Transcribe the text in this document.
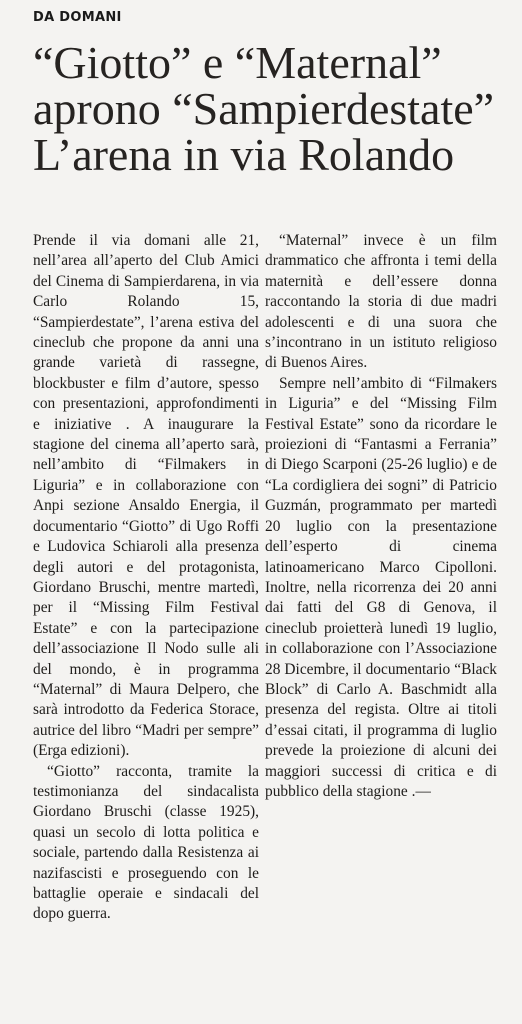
DA DOMANI
“Giotto” e “Maternal”
aprono “Sampierdestate”
L’arena in via Rolando

Prende il via domani alle 21, nell’area all’aperto del Club Amici del Cinema di Sampierdarena, in via Carlo Rolando 15, “Sampierdestate”, l’arena estiva del cineclub che propone da anni una grande varietà di rassegne, blockbuster e film d’autore, spesso con presentazioni, approfondimenti e iniziative . A inaugurare la stagione del cinema all’aperto sarà, nell’ambito di “Filmakers in Liguria” e in collaborazione con Anpi sezione Ansaldo Energia, il documentario “Giotto” di Ugo Roffi e Ludovica Schiaroli alla presenza degli autori e del protagonista, Giordano Bruschi, mentre martedì, per il “Missing Film Festival Estate” e con la partecipazione dell’associazione Il Nodo sulle ali del mondo, è in programma “Maternal” di Maura Delpero, che sarà introdotto da Federica Storace, autrice del libro “Madri per sempre” (Erga edizioni).

“Giotto” racconta, tramite la testimonianza del sindacalista Giordano Bruschi (classe 1925), quasi un secolo di lotta politica e sociale, partendo dalla Resistenza ai nazifascisti e proseguendo con le battaglie operaie e sindacali del dopo guerra.

“Maternal” invece è un film drammatico che affronta i temi della maternità e dell’essere donna raccontando la storia di due madri adolescenti e di una suora che s’incontrano in un istituto religioso di Buenos Aires.

Sempre nell’ambito di “Filmakers in Liguria” e del “Missing Film Festival Estate” sono da ricordare le proiezioni di “Fantasmi a Ferrania” di Diego Scarponi (25-26 luglio) e de “La cordigliera dei sogni” di Patricio Guzmán, programmato per martedì 20 luglio con la presentazione dell’esperto di cinema latinoamericano Marco Cipolloni. Inoltre, nella ricorrenza dei 20 anni dai fatti del G8 di Genova, il cineclub proietterà lunedì 19 luglio, in collaborazione con l’Associazione 28 Dicembre, il documentario “Black Block” di Carlo A. Baschmidt alla presenza del regista. Oltre ai titoli d’essai citati, il programma di luglio prevede la proiezione di alcuni dei maggiori successi di critica e di pubblico della stagione .—
